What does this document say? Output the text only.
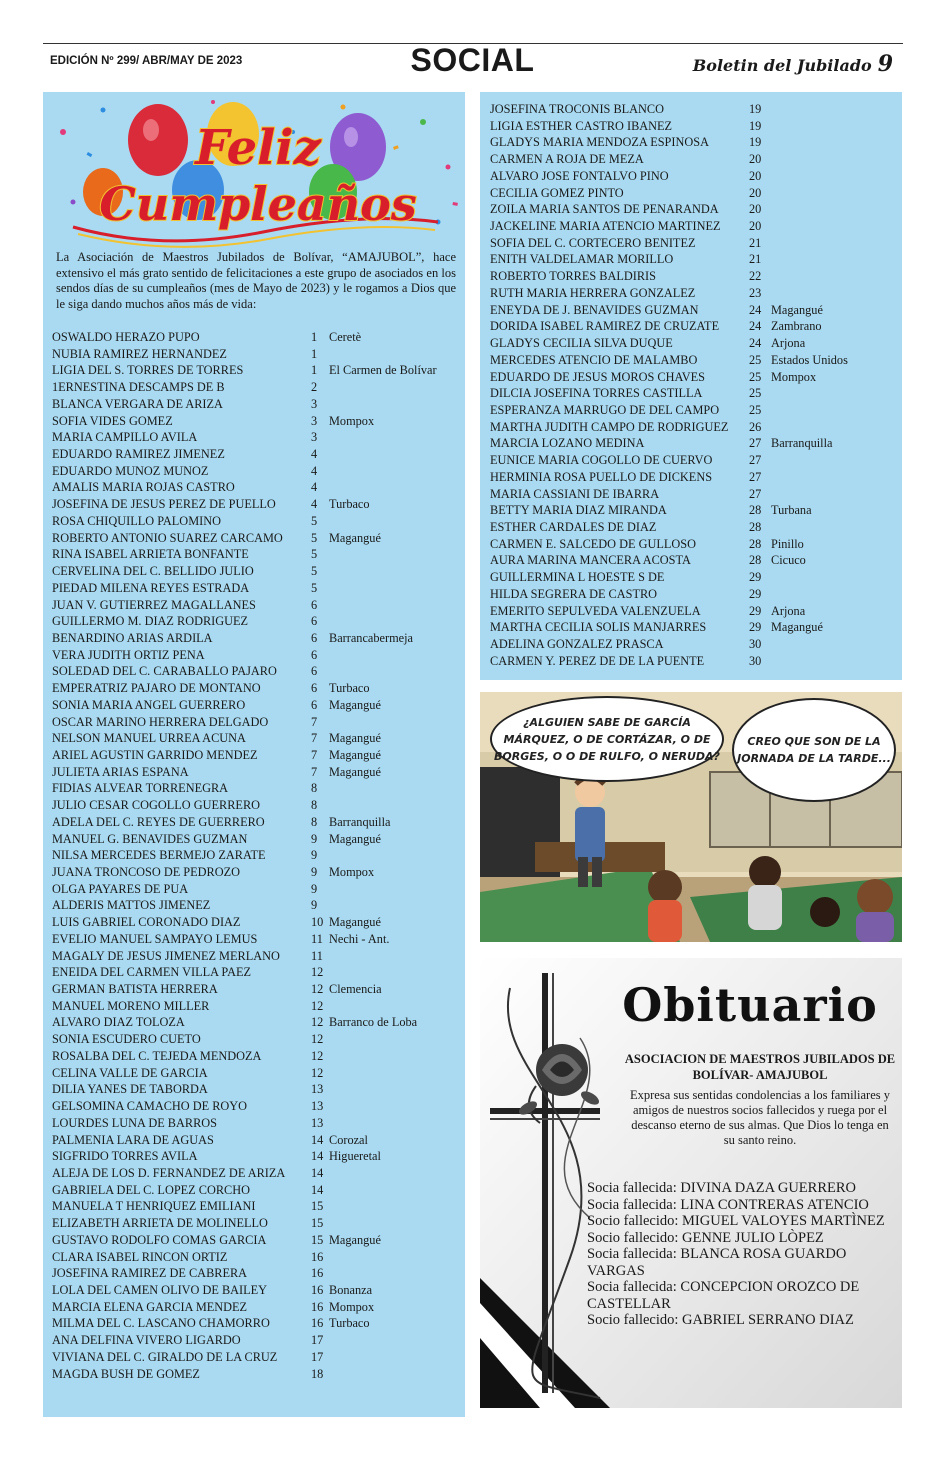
EDICIÓN Nº 299/ ABR/MAY DE 2023	SOCIAL	Boletin del Jubilado 9
Feliz
Cumpleaños
La Asociación de Maestros Jubilados de Bolívar, “AMAJUBOL”, hace extensivo el más grato sentido de felicitaciones a este grupo de asociados en los sendos días de su cumpleaños (mes de Mayo de 2023) y le rogamos a Dios que le siga dando muchos años más de vida:
OSWALDO HERAZO PUPO	1 Ceretè
NUBIA RAMIREZ HERNANDEZ	1
LIGIA DEL S. TORRES DE TORRES	1 El Carmen de Bolívar
1ERNESTINA DESCAMPS DE B	2
BLANCA VERGARA DE ARIZA	3
SOFIA VIDES GOMEZ	3 Mompox
MARIA CAMPILLO AVILA	3
EDUARDO RAMIREZ JIMENEZ	4
EDUARDO MUNOZ MUNOZ	4
AMALIS MARIA ROJAS CASTRO	4
JOSEFINA DE JESUS PEREZ DE PUELLO	4 Turbaco
ROSA CHIQUILLO PALOMINO	5
ROBERTO ANTONIO SUAREZ CARCAMO 5 Magangué
RINA ISABEL ARRIETA BONFANTE	5
CERVELINA DEL C. BELLIDO JULIO	5
PIEDAD MILENA REYES ESTRADA	5
JUAN V. GUTIERREZ MAGALLANES	6
GUILLERMO M. DIAZ RODRIGUEZ	6
BENARDINO ARIAS ARDILA	6 Barrancabermeja
VERA JUDITH ORTIZ PENA	6
SOLEDAD DEL C. CARABALLO PAJARO	6
EMPERATRIZ PAJARO DE MONTANO	6 Turbaco
SONIA MARIA ANGEL GUERRERO	6 Magangué
OSCAR MARINO HERRERA DELGADO	7
NELSON MANUEL URREA ACUNA	7 Magangué
ARIEL AGUSTIN GARRIDO MENDEZ	7 Magangué
JULIETA ARIAS ESPANA	7 Magangué
FIDIAS ALVEAR TORRENEGRA	8
JULIO CESAR COGOLLO GUERRERO	8
ADELA DEL C. REYES DE GUERRERO	8 Barranquilla
MANUEL G. BENAVIDES GUZMAN	9 Magangué
NILSA MERCEDES BERMEJO ZARATE	9
JUANA TRONCOSO DE PEDROZO	9 Mompox
OLGA PAYARES DE PUA	9
ALDERIS MATTOS JIMENEZ	9
LUIS GABRIEL CORONADO DIAZ	10 Magangué
EVELIO MANUEL SAMPAYO LEMUS	11 Nechi - Ant.
MAGALY DE JESUS JIMENEZ MERLANO	11
ENEIDA DEL CARMEN VILLA PAEZ	12
GERMAN BATISTA HERRERA	12 Clemencia
MANUEL MORENO MILLER	12
ALVARO DIAZ TOLOZA	12 Barranco de Loba
SONIA ESCUDERO CUETO	12
ROSALBA DEL C. TEJEDA MENDOZA	12
CELINA VALLE DE GARCIA	12
DILIA YANES DE TABORDA	13
GELSOMINA CAMACHO DE ROYO	13
LOURDES LUNA DE BARROS	13
PALMENIA LARA DE AGUAS	14 Corozal
SIGFRIDO TORRES AVILA	14 Higueretal
ALEJA DE LOS D. FERNANDEZ DE ARIZA 14
GABRIELA DEL C. LOPEZ CORCHO	14
MANUELA T HENRIQUEZ EMILIANI	15
ELIZABETH ARRIETA DE MOLINELLO	15
GUSTAVO RODOLFO COMAS GARCIA	15 Magangué
CLARA ISABEL RINCON ORTIZ	16
JOSEFINA RAMIREZ DE CABRERA	16
LOLA DEL CAMEN OLIVO DE BAILEY	16 Bonanza
MARCIA ELENA GARCIA MENDEZ	16 Mompox
MILMA DEL C. LASCANO CHAMORRO	16 Turbaco
ANA DELFINA VIVERO LIGARDO	17
VIVIANA DEL C. GIRALDO DE LA CRUZ	17
MAGDA BUSH DE GOMEZ	18
JOSEFINA TROCONIS BLANCO	19
LIGIA ESTHER CASTRO IBANEZ	19
GLADYS MARIA MENDOZA ESPINOSA	19
CARMEN A ROJA DE MEZA	20
ALVARO JOSE FONTALVO PINO	20
CECILIA GOMEZ PINTO	20
ZOILA MARIA SANTOS DE PENARANDA 20
JACKELINE MARIA ATENCIO MARTINEZ 20
SOFIA DEL C. CORTECERO BENITEZ	21
ENITH VALDELAMAR MORILLO	21
ROBERTO TORRES BALDIRIS	22
RUTH MARIA HERRERA GONZALEZ	23
ENEYDA DE J. BENAVIDES GUZMAN	24 Magangué
DORIDA ISABEL RAMIREZ DE CRUZATE 24 Zambrano
GLADYS CECILIA SILVA DUQUE	24 Arjona
MERCEDES ATENCIO DE MALAMBO	25 Estados Unidos
EDUARDO DE JESUS MOROS CHAVES	25 Mompox
DILCIA JOSEFINA TORRES CASTILLA	25
ESPERANZA MARRUGO DE DEL CAMPO 25
MARTHA JUDITH CAMPO DE RODRIGUEZ 26
MARCIA LOZANO MEDINA	27 Barranquilla
EUNICE MARIA COGOLLO DE CUERVO	27
HERMINIA ROSA PUELLO DE DICKENS	27
MARIA CASSIANI DE IBARRA	27
BETTY MARIA DIAZ MIRANDA	28 Turbana
ESTHER CARDALES DE DIAZ	28
CARMEN E. SALCEDO DE GULLOSO	28 Pinillo
AURA MARINA MANCERA ACOSTA	28 Cicuco
GUILLERMINA L HOESTE S DE	29
HILDA SEGRERA DE CASTRO	29
EMERITO SEPULVEDA VALENZUELA	29 Arjona
MARTHA CECILIA SOLIS MANJARRES	29 Magangué
ADELINA GONZALEZ PRASCA	30
CARMEN Y. PEREZ DE DE LA PUENTE	30
¿ALGUIEN SABE DE GARCÍA MÁRQUEZ, O DE CORTÁZAR, O DE BORGES, O O DE RULFO, O NERUDA?
CREO QUE SON DE LA JORNADA DE LA TARDE...
Obituario
ASOCIACION DE MAESTROS JUBILADOS DE BOLÍVAR- AMAJUBOL
Expresa sus sentidas condolencias a los familiares y amigos de nuestros socios fallecidos y ruega por el descanso eterno de sus almas. Que Dios lo tenga en su santo reino.
Socia fallecida: DIVINA DAZA GUERRERO
Socia fallecida: LINA CONTRERAS ATENCIO
Socio fallecido: MIGUEL VALOYES MARTÌNEZ
Socio fallecido: GENNE JULIO LÒPEZ
Socia fallecida: BLANCA ROSA GUARDO VARGAS
Socia fallecida: CONCEPCION OROZCO DE CASTELLAR
Socio fallecido: GABRIEL SERRANO DIAZ
